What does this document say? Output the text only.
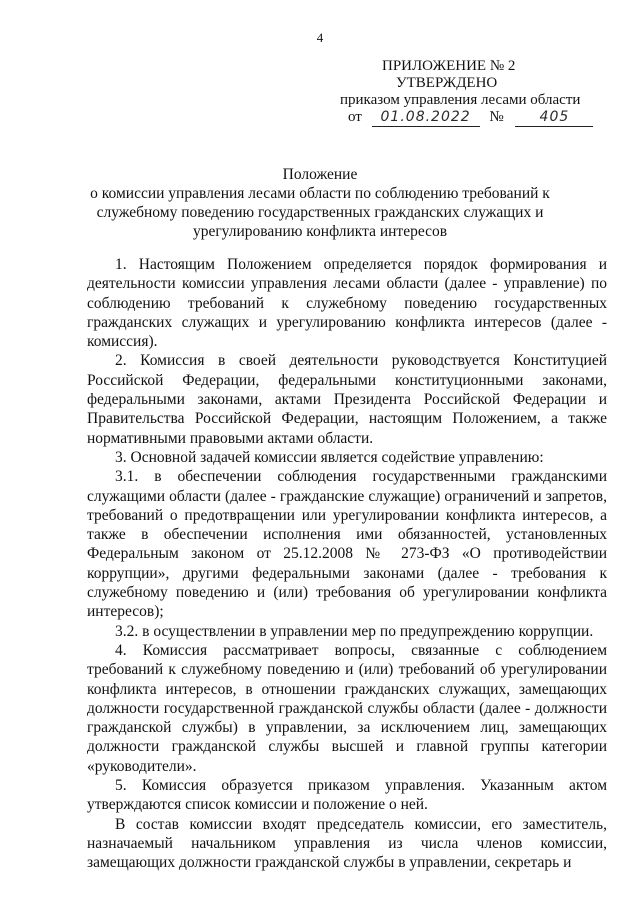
4
ПРИЛОЖЕНИЕ № 2
УТВЕРЖДЕНО
приказом управления лесами области
от 01.08.2022 №	405
Положение
о комиссии управления лесами области по соблюдению требований к
служебному поведению государственных гражданских служащих и
урегулированию конфликта интересов

1. Настоящим Положением определяется порядок формирования и деятельности комиссии управления лесами области (далее - управление) по соблюдению требований к служебному поведению государственных гражданских служащих и урегулированию конфликта интересов (далее - комиссия).

2. Комиссия в своей деятельности руководствуется Конституцией Российской Федерации, федеральными конституционными законами, федеральными законами, актами Президента Российской Федерации и Правительства Российской Федерации, настоящим Положением, а также нормативными правовыми актами области.

3. Основной задачей комиссии является содействие управлению:

3.1. в обеспечении соблюдения государственными гражданскими служащими области (далее - гражданские служащие) ограничений и запретов, требований о предотвращении или урегулировании конфликта интересов, а также в обеспечении исполнения ими обязанностей, установленных Федеральным законом от 25.12.2008 № 273-ФЗ «О противодействии коррупции», другими федеральными законами (далее - требования к служебному поведению и (или) требования об урегулировании конфликта интересов);

3.2. в осуществлении в управлении мер по предупреждению коррупции.

4. Комиссия рассматривает вопросы, связанные с соблюдением требований к служебному поведению и (или) требований об урегулировании конфликта интересов, в отношении гражданских служащих, замещающих должности государственной гражданской службы области (далее - должности гражданской службы) в управлении, за исключением лиц, замещающих должности гражданской службы высшей и главной группы категории «руководители».

5. Комиссия образуется приказом управления. Указанным актом утверждаются список комиссии и положение о ней.

В состав комиссии входят председатель комиссии, его заместитель, назначаемый начальником управления из числа членов комиссии, замещающих должности гражданской службы в управлении, секретарь и
